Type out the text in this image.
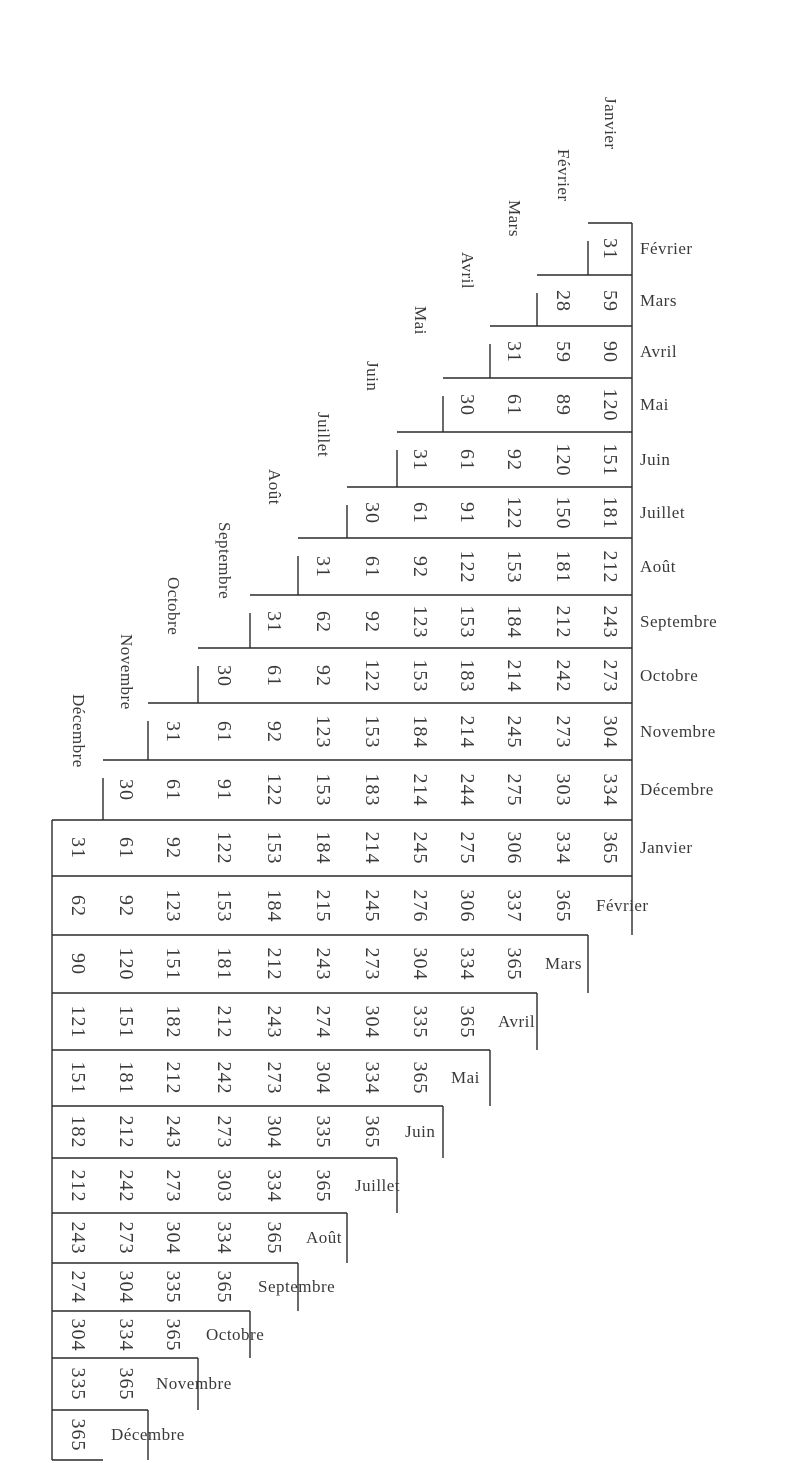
31
28 59
31 59 90
30 61 89 120
31 61 92 120 151
30 61 91 122 150 181
31 61 92 122 153 181 212
31 62 92 123 153 184 212 243
30 61 92 122 153 183 214 242 273
31 61 92 123 153 184 214 245 273 304
30 61 91 122 153 183 214 244 275 303 334
31 61 92 122 153 184 214 245 275 306 334 365
62 92 123 153 184 215 245 276 306 337 365
90 120 151 181 212 243 273 304 334 365
121 151 182 212 243 274 304 335 365
151 181 212 242 273 304 334 365
182 212 243 273 304 335 365
212 242 273 303 334 365
243 273 304 334 365
274 304 335 365
304 334 365
335 365
365
Février
Mars
Avril
Mai
Juin
Juillet
Août
Septembre
Octobre
Novembre
Décembre
Janvier
Février
Mars
Avril
Mai
Juin
Juillet
Août
Septembre
Octobre
Novembre
Décembre
Décembre
Novembre
Octobre
Septembre
Août
Juillet
Juin
Mai
Avril
Mars
Février
Janvier
